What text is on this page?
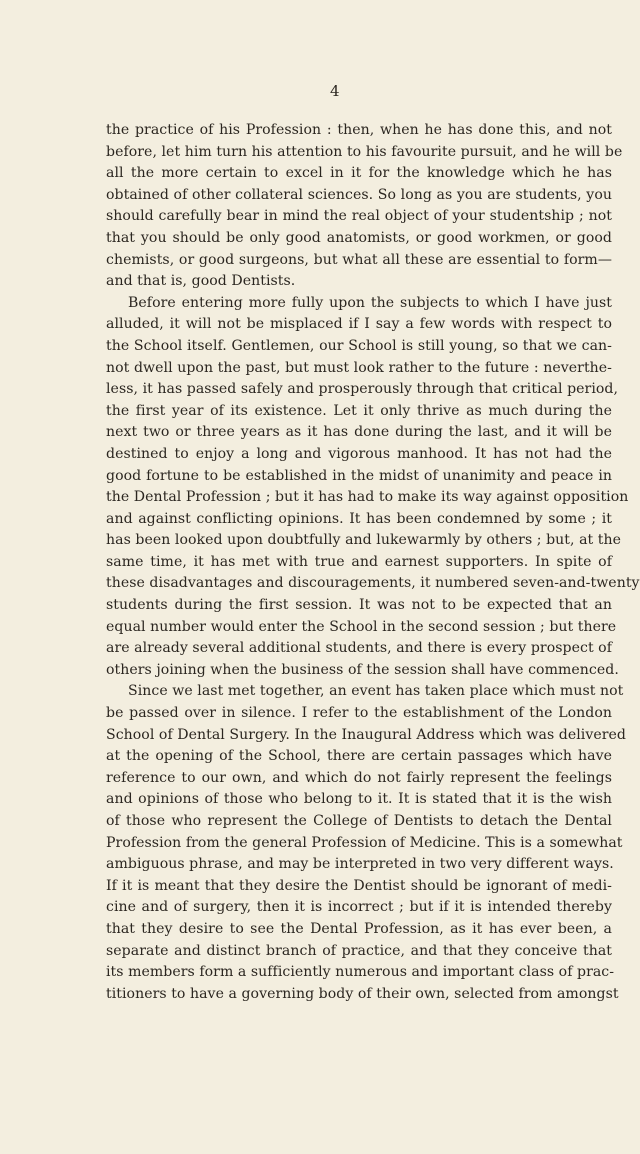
4
the practice of his Profession : then, when he has done this, and not
before, let him turn his attention to his favourite pursuit, and he will be
all the more certain to excel in it for the knowledge which he has
obtained of other collateral sciences. So long as you are students, you
should carefully bear in mind the real object of your studentship ; not
that you should be only good anatomists, or good workmen, or good
chemists, or good surgeons, but what all these are essential to form—
and that is, good Dentists.
Before entering more fully upon the subjects to which I have just
alluded, it will not be misplaced if I say a few words with respect to
the School itself. Gentlemen, our School is still young, so that we can-
not dwell upon the past, but must look rather to the future : neverthe-
less, it has passed safely and prosperously through that critical period,
the first year of its existence. Let it only thrive as much during the
next two or three years as it has done during the last, and it will be
destined to enjoy a long and vigorous manhood. It has not had the
good fortune to be established in the midst of unanimity and peace in
the Dental Profession ; but it has had to make its way against opposition
and against conflicting opinions. It has been condemned by some ; it
has been looked upon doubtfully and lukewarmly by others ; but, at the
same time, it has met with true and earnest supporters. In spite of
these disadvantages and discouragements, it numbered seven-and-twenty
students during the first session. It was not to be expected that an
equal number would enter the School in the second session ; but there
are already several additional students, and there is every prospect of
others joining when the business of the session shall have commenced.
Since we last met together, an event has taken place which must not
be passed over in silence. I refer to the establishment of the London
School of Dental Surgery. In the Inaugural Address which was delivered
at the opening of the School, there are certain passages which have
reference to our own, and which do not fairly represent the feelings
and opinions of those who belong to it. It is stated that it is the wish
of those who represent the College of Dentists to detach the Dental
Profession from the general Profession of Medicine. This is a somewhat
ambiguous phrase, and may be interpreted in two very different ways.
If it is meant that they desire the Dentist should be ignorant of medi-
cine and of surgery, then it is incorrect ; but if it is intended thereby
that they desire to see the Dental Profession, as it has ever been, a
separate and distinct branch of practice, and that they conceive that
its members form a sufficiently numerous and important class of prac-
titioners to have a governing body of their own, selected from amongst
